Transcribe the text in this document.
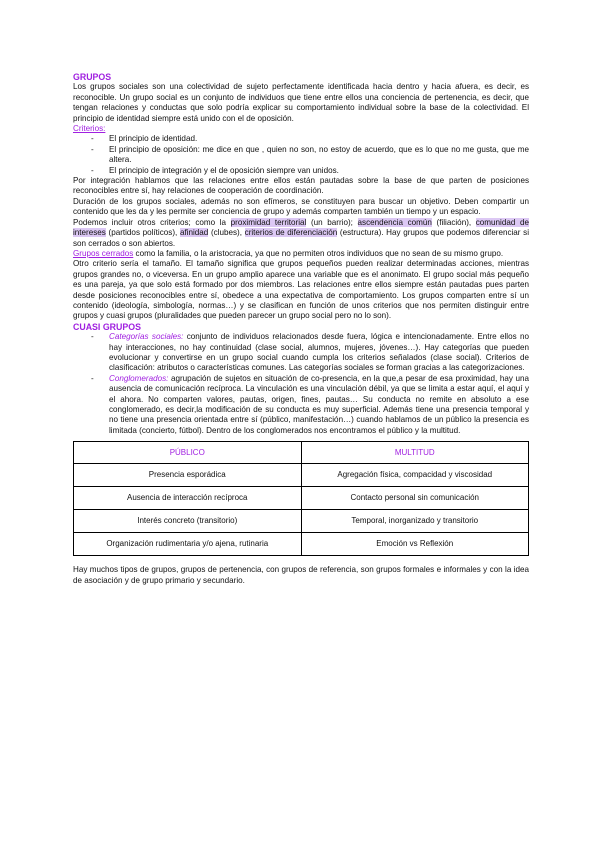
GRUPOS

Los grupos sociales son una colectividad de sujeto perfectamente identificada hacia dentro y hacia afuera, es decir, es reconocible. Un grupo social es un conjunto de individuos que tiene entre ellos una conciencia de pertenencia, es decir, que tengan relaciones y conductas que solo podría explicar su comportamiento individual sobre la base de la colectividad. El principio de identidad siempre está unido con el de oposición.

Criterios:

- El principio de identidad.
- El principio de oposición: me dice en que , quien no son, no estoy de acuerdo, que es lo que no me gusta, que me altera.
- El principio de integración y el de oposición siempre van unidos.

Por integración hablamos que las relaciones entre ellos están pautadas sobre la base de que parten de posiciones reconocibles entre sí, hay relaciones de cooperación de coordinación.

Duración de los grupos sociales, además no son efímeros, se constituyen para buscar un objetivo. Deben compartir un contenido que les da y les permite ser conciencia de grupo y además comparten también un tiempo y un espacio.

Podemos incluir otros criterios; como la proximidad territorial (un barrio); ascendencia común (filiación), comunidad de intereses (partidos políticos), afinidad (clubes), criterios de diferenciación (estructura). Hay grupos que podemos diferenciar si son cerrados o son abiertos.

Grupos cerrados como la familia, o la aristocracia, ya que no permiten otros individuos que no sean de su mismo grupo.

Otro criterio sería el tamaño. El tamaño significa que grupos pequeños pueden realizar determinadas acciones, mientras grupos grandes no, o viceversa. En un grupo amplio aparece una variable que es el anonimato. El grupo social más pequeño es una pareja, ya que solo está formado por dos miembros. Las relaciones entre ellos siempre están pautadas pues parten desde posiciones reconocibles entre sí, obedece a una expectativa de comportamiento. Los grupos comparten entre sí un contenido (ideología, simbología, normas…) y se clasifican en función de unos criterios que nos permiten distinguir entre grupos y cuasi grupos (pluralidades que pueden parecer un grupo social pero no lo son).

CUASI GRUPOS

- Categorías sociales: conjunto de individuos relacionados desde fuera, lógica e intencionadamente. Entre ellos no hay interacciones, no hay continuidad (clase social, alumnos, mujeres, jóvenes…). Hay categorías que pueden evolucionar y convertirse en un grupo social cuando cumpla los criterios señalados (clase social). Criterios de clasificación: atributos o características comunes. Las categorías sociales se forman gracias a las categorizaciones.
- Conglomerados: agrupación de sujetos en situación de co-presencia, en la que,a pesar de esa proximidad, hay una ausencia de comunicación recíproca. La vinculación es una vinculación débil, ya que se limita a estar aquí, el aquí y el ahora. No comparten valores, pautas, origen, fines, pautas… Su conducta no remite en absoluto a ese conglomerado, es decir,la modificación de su conducta es muy superficial. Además tiene una presencia temporal y no tiene una presencia orientada entre sí (público, manifestación…) cuando hablamos de un público la presencia es limitada (concierto, fútbol). Dentro de los conglomerados nos encontramos el público y la multitud.
PÚBLICO	MULTITUD
Presencia esporádica	Agregación física, compacidad y viscosidad
Ausencia de interacción recíproca	Contacto personal sin comunicación
Interés concreto (transitorio)	Temporal, inorganizado y transitorio
Organización rudimentaria y/o ajena, rutinaria	Emoción vs Reflexión

Hay muchos tipos de grupos, grupos de pertenencia, con grupos de referencia, son grupos formales e informales y con la idea de asociación y de grupo primario y secundario.
